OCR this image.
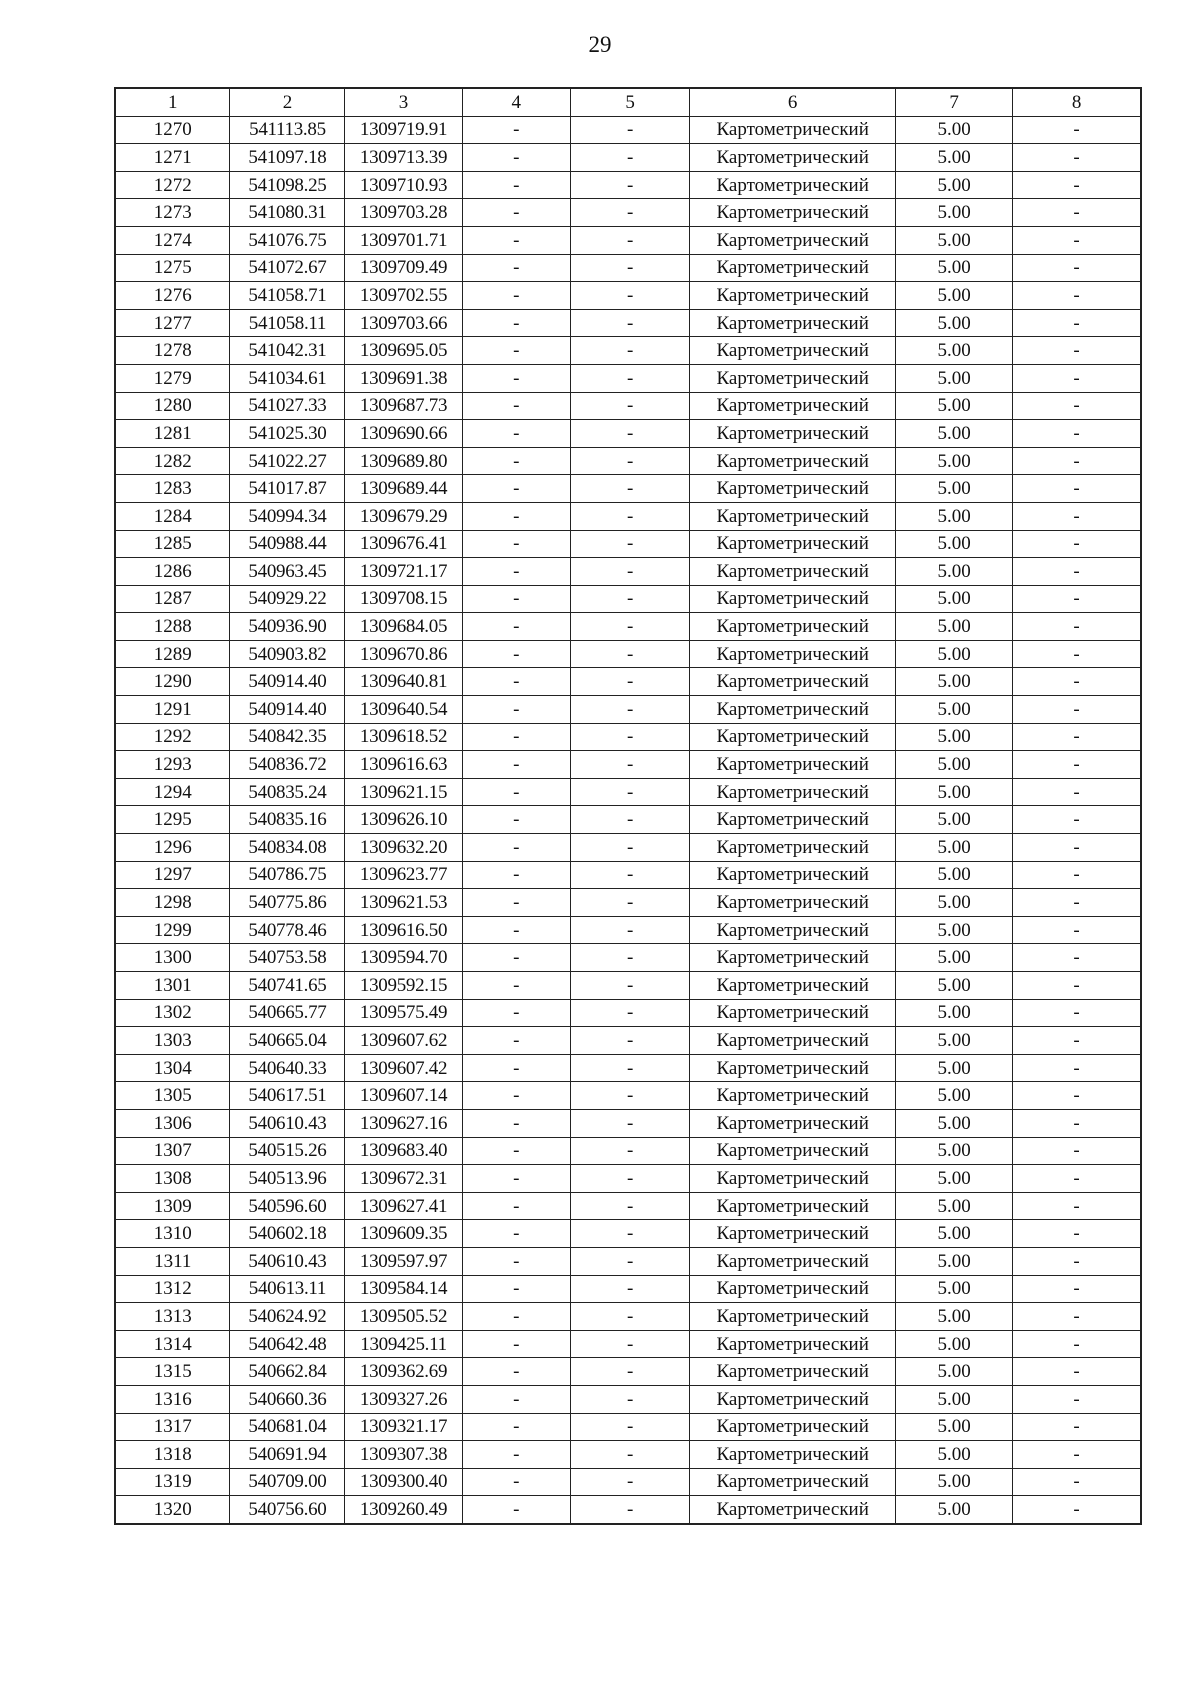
29
1	2	3	4	5	6	7	8
1270	541113.85	1309719.91	-	-	Картометрический	5.00	-
1271	541097.18	1309713.39	-	-	Картометрический	5.00	-
1272	541098.25	1309710.93	-	-	Картометрический	5.00	-
1273	541080.31	1309703.28	-	-	Картометрический	5.00	-
1274	541076.75	1309701.71	-	-	Картометрический	5.00	-
1275	541072.67	1309709.49	-	-	Картометрический	5.00	-
1276	541058.71	1309702.55	-	-	Картометрический	5.00	-
1277	541058.11	1309703.66	-	-	Картометрический	5.00	-
1278	541042.31	1309695.05	-	-	Картометрический	5.00	-
1279	541034.61	1309691.38	-	-	Картометрический	5.00	-
1280	541027.33	1309687.73	-	-	Картометрический	5.00	-
1281	541025.30	1309690.66	-	-	Картометрический	5.00	-
1282	541022.27	1309689.80	-	-	Картометрический	5.00	-
1283	541017.87	1309689.44	-	-	Картометрический	5.00	-
1284	540994.34	1309679.29	-	-	Картометрический	5.00	-
1285	540988.44	1309676.41	-	-	Картометрический	5.00	-
1286	540963.45	1309721.17	-	-	Картометрический	5.00	-
1287	540929.22	1309708.15	-	-	Картометрический	5.00	-
1288	540936.90	1309684.05	-	-	Картометрический	5.00	-
1289	540903.82	1309670.86	-	-	Картометрический	5.00	-
1290	540914.40	1309640.81	-	-	Картометрический	5.00	-
1291	540914.40	1309640.54	-	-	Картометрический	5.00	-
1292	540842.35	1309618.52	-	-	Картометрический	5.00	-
1293	540836.72	1309616.63	-	-	Картометрический	5.00	-
1294	540835.24	1309621.15	-	-	Картометрический	5.00	-
1295	540835.16	1309626.10	-	-	Картометрический	5.00	-
1296	540834.08	1309632.20	-	-	Картометрический	5.00	-
1297	540786.75	1309623.77	-	-	Картометрический	5.00	-
1298	540775.86	1309621.53	-	-	Картометрический	5.00	-
1299	540778.46	1309616.50	-	-	Картометрический	5.00	-
1300	540753.58	1309594.70	-	-	Картометрический	5.00	-
1301	540741.65	1309592.15	-	-	Картометрический	5.00	-
1302	540665.77	1309575.49	-	-	Картометрический	5.00	-
1303	540665.04	1309607.62	-	-	Картометрический	5.00	-
1304	540640.33	1309607.42	-	-	Картометрический	5.00	-
1305	540617.51	1309607.14	-	-	Картометрический	5.00	-
1306	540610.43	1309627.16	-	-	Картометрический	5.00	-
1307	540515.26	1309683.40	-	-	Картометрический	5.00	-
1308	540513.96	1309672.31	-	-	Картометрический	5.00	-
1309	540596.60	1309627.41	-	-	Картометрический	5.00	-
1310	540602.18	1309609.35	-	-	Картометрический	5.00	-
1311	540610.43	1309597.97	-	-	Картометрический	5.00	-
1312	540613.11	1309584.14	-	-	Картометрический	5.00	-
1313	540624.92	1309505.52	-	-	Картометрический	5.00	-
1314	540642.48	1309425.11	-	-	Картометрический	5.00	-
1315	540662.84	1309362.69	-	-	Картометрический	5.00	-
1316	540660.36	1309327.26	-	-	Картометрический	5.00	-
1317	540681.04	1309321.17	-	-	Картометрический	5.00	-
1318	540691.94	1309307.38	-	-	Картометрический	5.00	-
1319	540709.00	1309300.40	-	-	Картометрический	5.00	-
1320	540756.60	1309260.49	-	-	Картометрический	5.00	-
